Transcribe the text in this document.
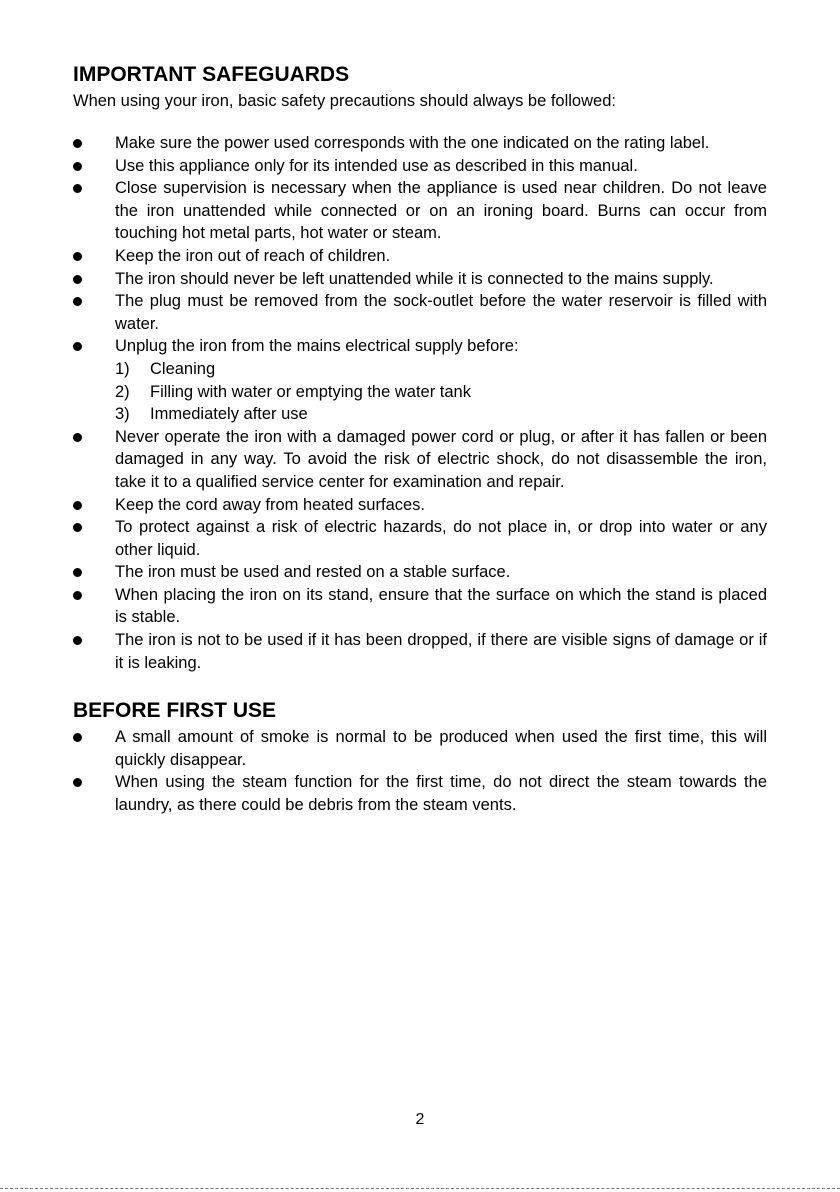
IMPORTANT SAFEGUARDS

When using your iron, basic safety precautions should always be followed:

Make sure the power used corresponds with the one indicated on the rating label.
Use this appliance only for its intended use as described in this manual.
Close supervision is necessary when the appliance is used near children. Do not leave the iron unattended while connected or on an ironing board. Burns can occur from touching hot metal parts, hot water or steam.
Keep the iron out of reach of children.
The iron should never be left unattended while it is connected to the mains supply.
The plug must be removed from the sock-outlet before the water reservoir is filled with water.
Unplug the iron from the mains electrical supply before:
1)	Cleaning
2)	Filling with water or emptying the water tank
3)	Immediately after use
Never operate the iron with a damaged power cord or plug, or after it has fallen or been damaged in any way. To avoid the risk of electric shock, do not disassemble the iron, take it to a qualified service center for examination and repair.
Keep the cord away from heated surfaces.
To protect against a risk of electric hazards, do not place in, or drop into water or any other liquid.
The iron must be used and rested on a stable surface.
When placing the iron on its stand, ensure that the surface on which the stand is placed is stable.
The iron is not to be used if it has been dropped, if there are visible signs of damage or if it is leaking.
BEFORE FIRST USE
A small amount of smoke is normal to be produced when used the first time, this will quickly disappear.
When using the steam function for the first time, do not direct the steam towards the laundry, as there could be debris from the steam vents.
2
